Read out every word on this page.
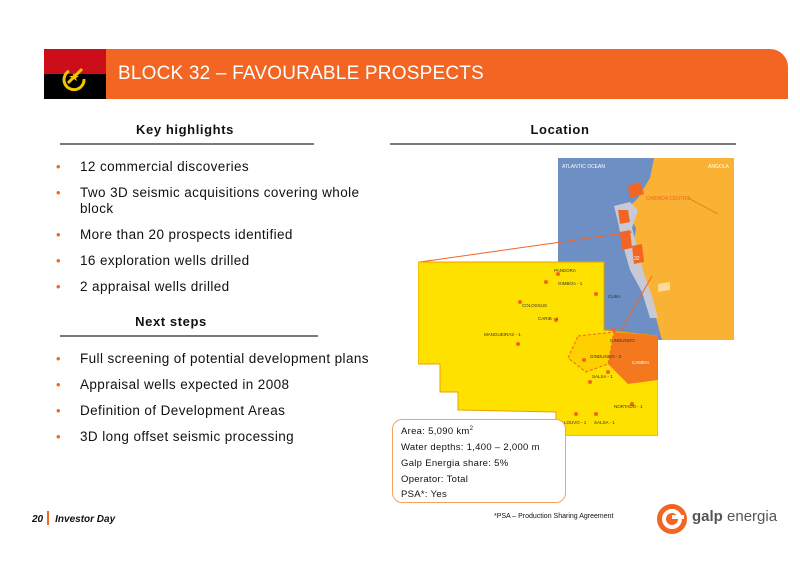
BLOCK 32 – FAVOURABLE PROSPECTS
Key highlights
• 12 commercial discoveries
• Two 3D seismic acquisitions covering whole block
• More than 20 prospects identified
• 16 exploration wells drilled
• 2 appraisal wells drilled
Next steps
• Full screening of potential development plans
• Appraisal wells expected in 2008
• Definition of Development Areas
• 3D long offset seismic processing
Location
ATLANTIC OCEAN	ANGOLA
CABINDA CENTRO
32
PANDORA
GIMBOA - 1
COLOSSUS
CARIB - 1
CUBA
MANGUEIRAS - 1
GINDUNGO
GINDUNGO - 2
CAMEIA
SALSA - 1
NORTADO - 1
LOUVO - 1 SALSA - 1
Area: 5,090 $km^2$
Water depths: 1,400 – 2,000 m
Galp Energia share: 5%
Operator: Total
PSA*: Yes
20 Investor Day	*PSA – Production Sharing Agreement	galp energia
